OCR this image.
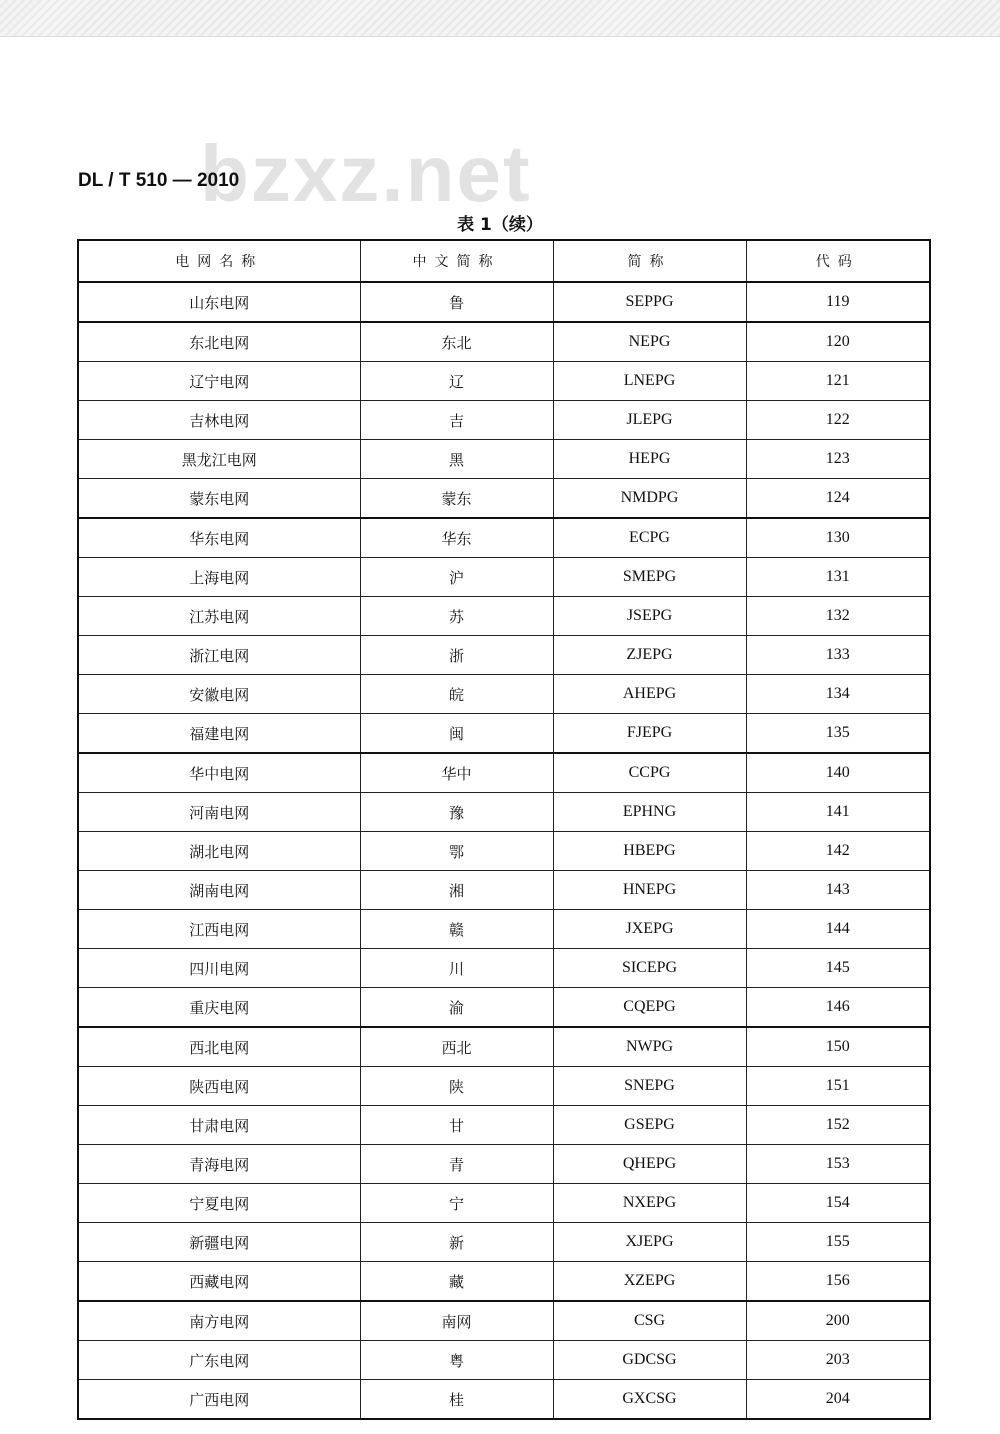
bzxz.net
DL / T 510 — 2010
表 1（续）
电网名称	中文简称	简称	代码
山东电网	鲁	SEPPG	119
东北电网	东北	NEPG	120
辽宁电网	辽	LNEPG	121
吉林电网	吉	JLEPG	122
黑龙江电网	黑	HEPG	123
蒙东电网	蒙东	NMDPG	124
华东电网	华东	ECPG	130
上海电网	沪	SMEPG	131
江苏电网	苏	JSEPG	132
浙江电网	浙	ZJEPG	133
安徽电网	皖	AHEPG	134
福建电网	闽	FJEPG	135
华中电网	华中	CCPG	140
河南电网	豫	EPHNG	141
湖北电网	鄂	HBEPG	142
湖南电网	湘	HNEPG	143
江西电网	赣	JXEPG	144
四川电网	川	SICEPG	145
重庆电网	渝	CQEPG	146
西北电网	西北	NWPG	150
陕西电网	陕	SNEPG	151
甘肃电网	甘	GSEPG	152
青海电网	青	QHEPG	153
宁夏电网	宁	NXEPG	154
新疆电网	新	XJEPG	155
西藏电网	藏	XZEPG	156
南方电网	南网	CSG	200
广东电网	粤	GDCSG	203
广西电网	桂	GXCSG	204
